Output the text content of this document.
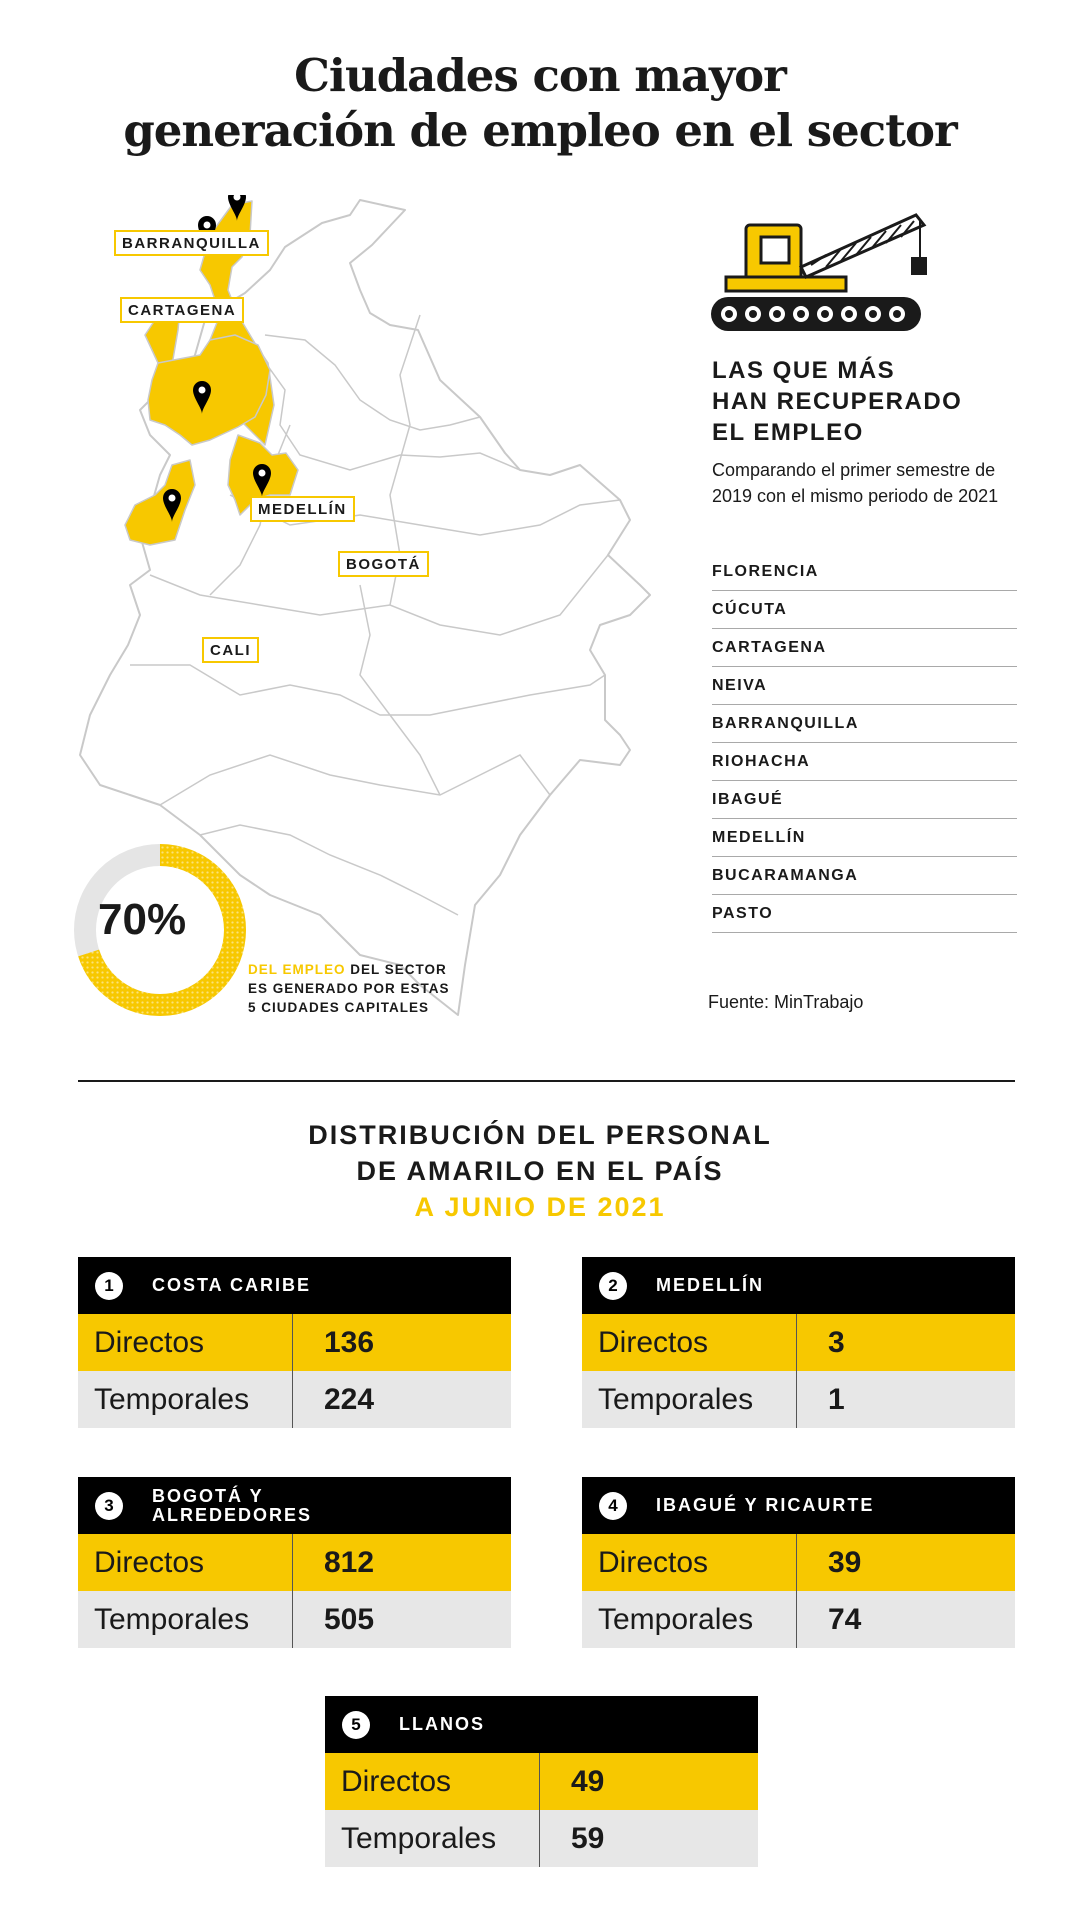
Ciudades con mayor
generación de empleo en el sector
BARRANQUILLA
CARTAGENA
MEDELLÍN
BOGOTÁ
CALI
70%
DEL EMPLEO DEL SECTOR
ES GENERADO POR ESTAS
5 CIUDADES CAPITALES
LAS QUE MÁS
HAN RECUPERADO
EL EMPLEO
Comparando el primer semestre de 2019 con el mismo periodo de 2021
FLORENCIA
CÚCUTA
CARTAGENA
NEIVA
BARRANQUILLA
RIOHACHA
IBAGUÉ
MEDELLÍN
BUCARAMANGA
PASTO
Fuente: MinTrabajo
DISTRIBUCIÓN DEL PERSONAL
DE AMARILO EN EL PAÍS
A JUNIO DE 2021
1	COSTA CARIBE
Directos	136
Temporales	224
2	MEDELLÍN
Directos	3
Temporales	1
3	BOGOTÁ Y ALREDEDORES
Directos	812
Temporales	505
4	IBAGUÉ Y RICAURTE
Directos	39
Temporales	74
5	LLANOS
Directos	49
Temporales	59
